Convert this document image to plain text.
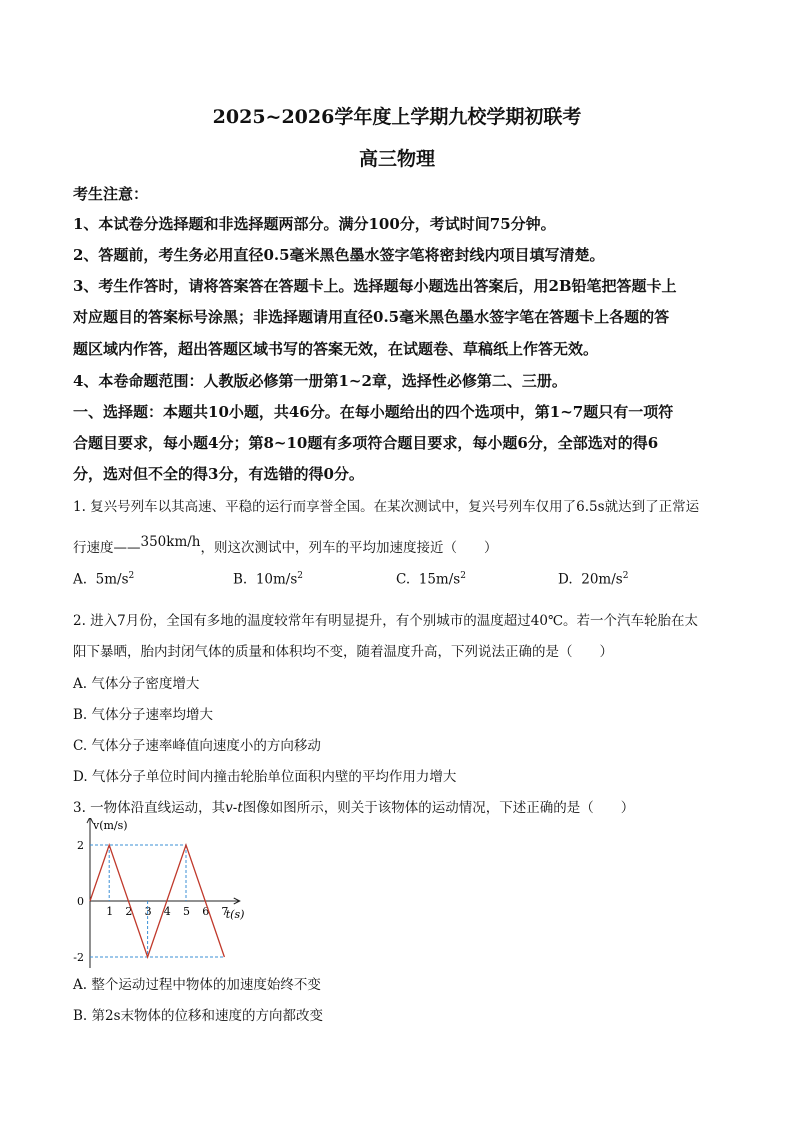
2025~2026学年度上学期九校学期初联考
高三物理
考生注意：
1、本试卷分选择题和非选择题两部分。满分100分，考试时间75分钟。
2、答题前，考生务必用直径0.5毫米黑色墨水签字笔将密封线内项目填写清楚。
3、考生作答时，请将答案答在答题卡上。选择题每小题选出答案后，用2B铅笔把答题卡上
对应题目的答案标号涂黑；非选择题请用直径0.5毫米黑色墨水签字笔在答题卡上各题的答
题区域内作答，超出答题区域书写的答案无效，在试题卷、草稿纸上作答无效。
4、本卷命题范围：人教版必修第一册第1~2章，选择性必修第二、三册。
一、选择题：本题共10小题，共46分。在每小题给出的四个选项中，第1~7题只有一项符
合题目要求，每小题4分；第8~10题有多项符合题目要求，每小题6分，全部选对的得6
分，选对但不全的得3分，有选错的得0分。
1. 复兴号列车以其高速、平稳的运行而享誉全国。在某次测试中，复兴号列车仅用了6.5s就达到了正常运
行速度——350km/h，则这次测试中，列车的平均加速度接近（　　）
A. $5m/s^2$	B. $10m/s^2$	C. $15m/s^2$	D. $20m/s^2$
2. 进入7月份，全国有多地的温度较常年有明显提升，有个别城市的温度超过40℃。若一个汽车轮胎在太
阳下暴晒，胎内封闭气体的质量和体积均不变，随着温度升高，下列说法正确的是（　　）
A. 气体分子密度增大
B. 气体分子速率均增大
C. 气体分子速率峰值向速度小的方向移动
D. 气体分子单位时间内撞击轮胎单位面积内壁的平均作用力增大
3. 一物体沿直线运动，其v-t图像如图所示，则关于该物体的运动情况，下述正确的是（　　）
v(m/s)
t(s)
2
0
-2
1 2 3 4 5 6 7
A. 整个运动过程中物体的加速度始终不变
B. 第2s末物体的位移和速度的方向都改变
